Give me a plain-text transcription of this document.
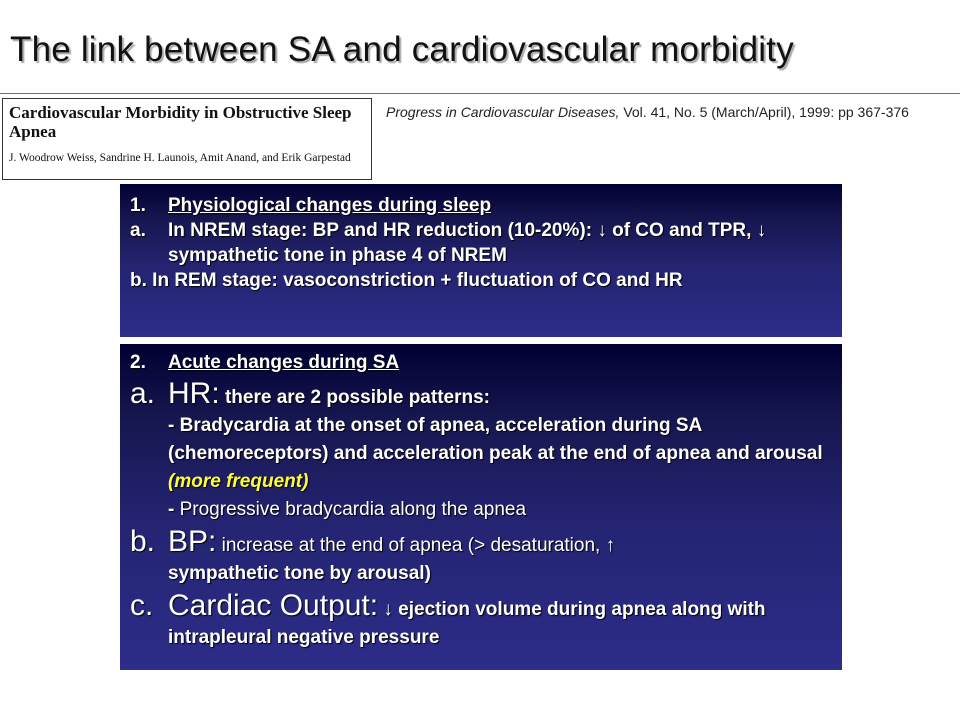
The link between SA and cardiovascular morbidity
Cardiovascular Morbidity in Obstructive Sleep Apnea
J. Woodrow Weiss, Sandrine H. Launois, Amit Anand, and Erik Garpestad
Progress in Cardiovascular Diseases, Vol. 41, No. 5 (March/April), 1999: pp 367-376
1.	Physiological changes during sleep
a.	In NREM stage: BP and HR reduction (10-20%): ↓ of CO and TPR, ↓ sympathetic tone in phase 4 of NREM
b. In REM stage: vasoconstriction + fluctuation of CO and HR
2.	Acute changes during SA
a. HR: there are 2 possible patterns:
- Bradycardia at the onset of apnea, acceleration during SA (chemoreceptors) and acceleration peak at the end of apnea and arousal (more frequent)
- Progressive bradycardia along the apnea
b. BP: increase at the end of apnea (> desaturation, ↑
sympathetic tone by arousal)
c. Cardiac Output: ↓ ejection volume during apnea along with intrapleural negative pressure
